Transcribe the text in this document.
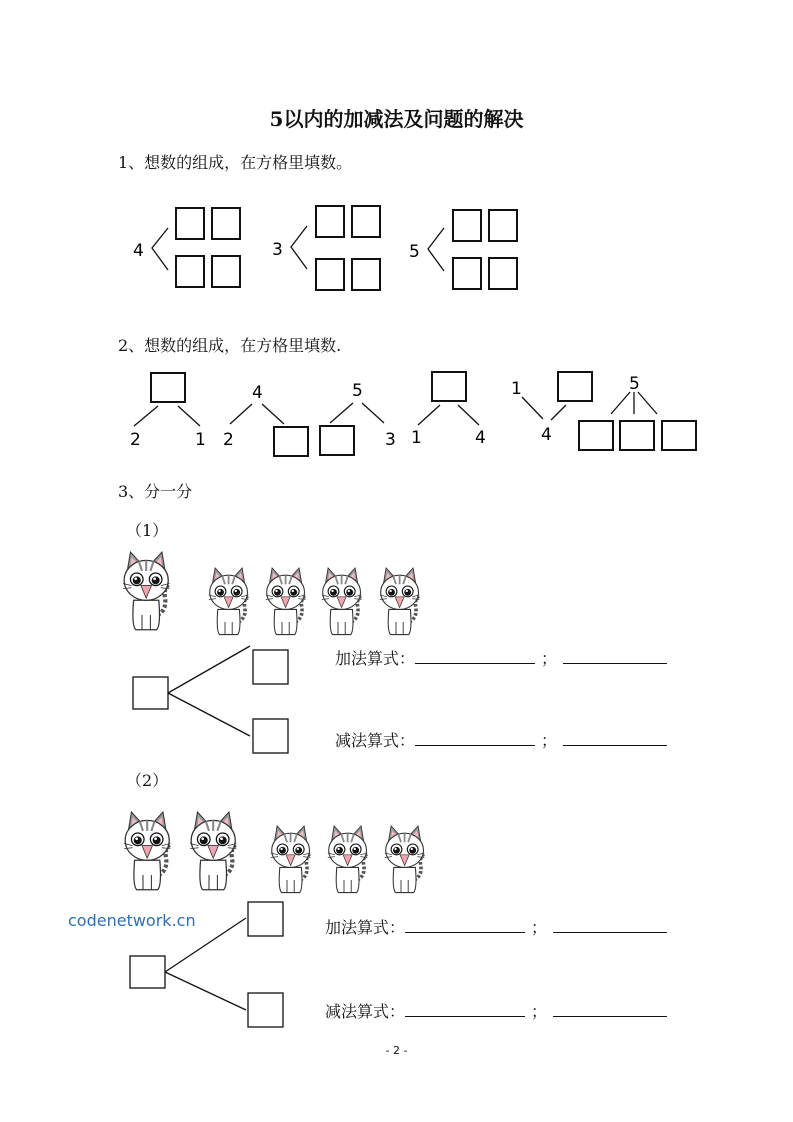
5以内的加减法及问题的解决
1、想数的组成，在方格里填数。
2、想数的组成，在方格里填数.
3、分一分
（1）
（2）
4	3	5
2	1
4
2
5
3 1	4
1
4
5
加法算式：	；
减法算式：	；
加法算式：	；
减法算式：	；
codenetwork.cn
- 2 -
